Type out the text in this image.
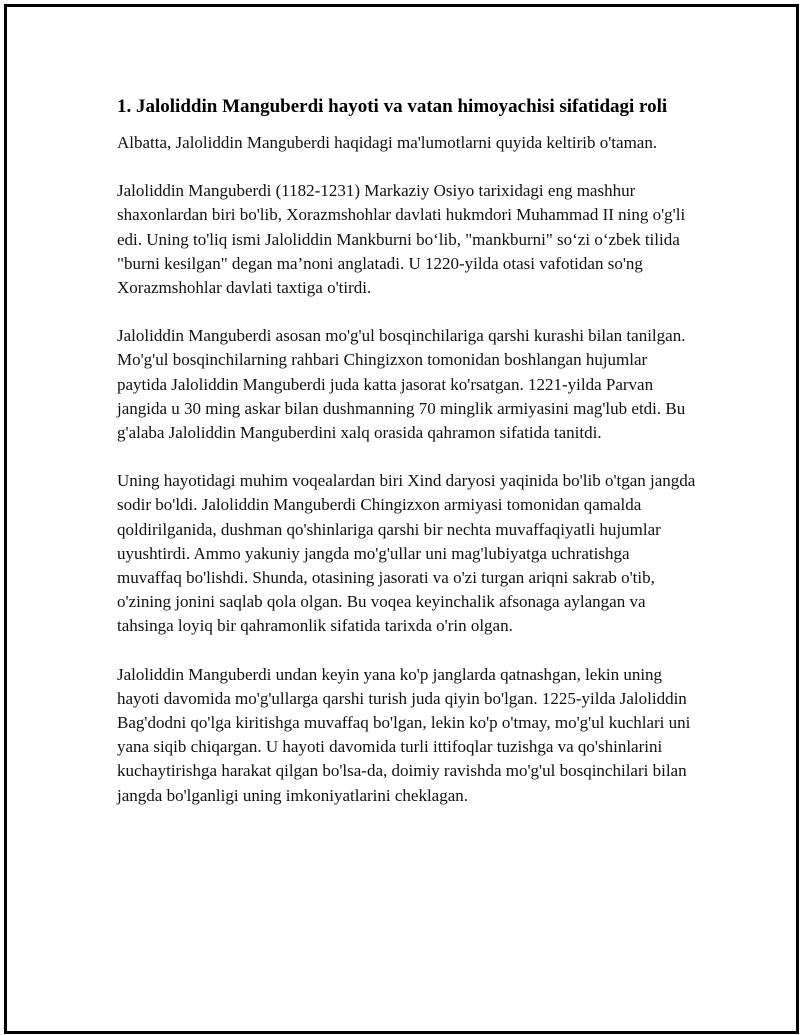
1. Jaloliddin Manguberdi hayoti va vatan himoyachisi sifatidagi roli

Albatta, Jaloliddin Manguberdi haqidagi ma'lumotlarni quyida keltirib o'taman.

Jaloliddin Manguberdi (1182-1231) Markaziy Osiyo tarixidagi eng mashhur shaxonlardan biri bo'lib, Xorazmshohlar davlati hukmdori Muhammad II ning o'g'li edi. Uning to'liq ismi Jaloliddin Mankburni bo‘lib, "mankburni" so‘zi o‘zbek tilida "burni kesilgan" degan ma’noni anglatadi. U 1220-yilda otasi vafotidan so'ng Xorazmshohlar davlati taxtiga o'tirdi.

Jaloliddin Manguberdi asosan mo'g'ul bosqinchilariga qarshi kurashi bilan tanilgan. Mo'g'ul bosqinchilarning rahbari Chingizxon tomonidan boshlangan hujumlar paytida Jaloliddin Manguberdi juda katta jasorat ko'rsatgan. 1221-yilda Parvan jangida u 30 ming askar bilan dushmanning 70 minglik armiyasini mag'lub etdi. Bu g'alaba Jaloliddin Manguberdini xalq orasida qahramon sifatida tanitdi.

Uning hayotidagi muhim voqealardan biri Xind daryosi yaqinida bo'lib o'tgan jangda sodir bo'ldi. Jaloliddin Manguberdi Chingizxon armiyasi tomonidan qamalda qoldirilganida, dushman qo'shinlariga qarshi bir nechta muvaffaqiyatli hujumlar uyushtirdi. Ammo yakuniy jangda mo'g'ullar uni mag'lubiyatga uchratishga muvaffaq bo'lishdi. Shunda, otasining jasorati va o'zi turgan ariqni sakrab o'tib, o'zining jonini saqlab qola olgan. Bu voqea keyinchalik afsonaga aylangan va tahsinga loyiq bir qahramonlik sifatida tarixda o'rin olgan.

Jaloliddin Manguberdi undan keyin yana ko'p janglarda qatnashgan, lekin uning hayoti davomida mo'g'ullarga qarshi turish juda qiyin bo'lgan. 1225-yilda Jaloliddin Bag'dodni qo'lga kiritishga muvaffaq bo'lgan, lekin ko'p o'tmay, mo'g'ul kuchlari uni yana siqib chiqargan. U hayoti davomida turli ittifoqlar tuzishga va qo'shinlarini kuchaytirishga harakat qilgan bo'lsa-da, doimiy ravishda mo'g'ul bosqinchilari bilan jangda bo'lganligi uning imkoniyatlarini cheklagan.
